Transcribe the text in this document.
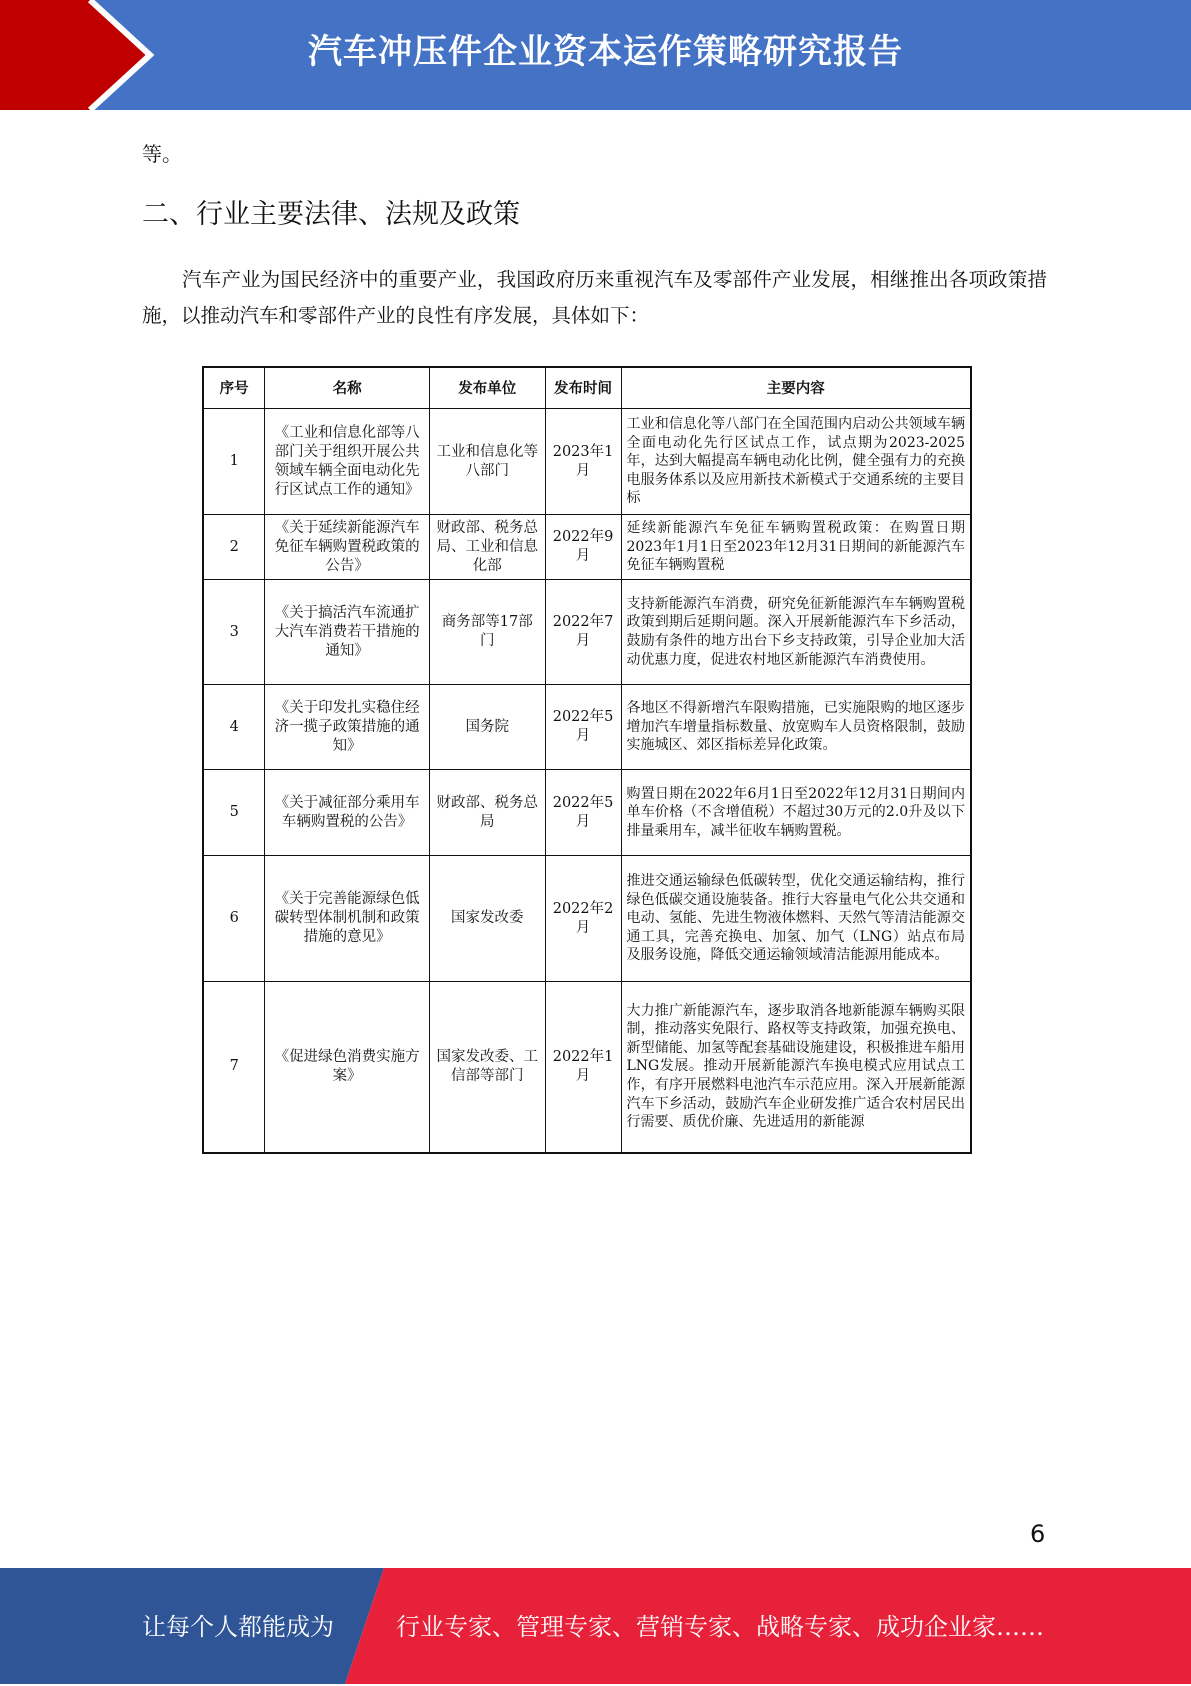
汽车冲压件企业资本运作策略研究报告
等。
二、行业主要法律、法规及政策
汽车产业为国民经济中的重要产业，我国政府历来重视汽车及零部件产业发展，相继推出各项政策措施，以推动汽车和零部件产业的良性有序发展，具体如下：
序号	名称	发布单位	发布时间	主要内容
1	《工业和信息化部等八部门关于组织开展公共领域车辆全面电动化先行区试点工作的通知》	工业和信息化等八部门	2023年1月	工业和信息化等八部门在全国范围内启动公共领域车辆全面电动化先行区试点工作，试点期为2023-2025年，达到大幅提高车辆电动化比例，健全强有力的充换电服务体系以及应用新技术新模式于交通系统的主要目标
2	《关于延续新能源汽车免征车辆购置税政策的公告》	财政部、税务总局、工业和信息化部	2022年9月	延续新能源汽车免征车辆购置税政策：在购置日期2023年1月1日至2023年12月31日期间的新能源汽车免征车辆购置税
3	《关于搞活汽车流通扩大汽车消费若干措施的通知》	商务部等17部门	2022年7月	支持新能源汽车消费，研究免征新能源汽车车辆购置税政策到期后延期问题。深入开展新能源汽车下乡活动，鼓励有条件的地方出台下乡支持政策，引导企业加大活动优惠力度，促进农村地区新能源汽车消费使用。
4	《关于印发扎实稳住经济一揽子政策措施的通知》	国务院	2022年5月	各地区不得新增汽车限购措施，已实施限购的地区逐步增加汽车增量指标数量、放宽购车人员资格限制，鼓励实施城区、郊区指标差异化政策。
5	《关于减征部分乘用车车辆购置税的公告》	财政部、税务总局	2022年5月	购置日期在2022年6月1日至2022年12月31日期间内单车价格（不含增值税）不超过30万元的2.0升及以下排量乘用车，减半征收车辆购置税。
6	《关于完善能源绿色低碳转型体制机制和政策措施的意见》	国家发改委	2022年2月	推进交通运输绿色低碳转型，优化交通运输结构，推行绿色低碳交通设施装备。推行大容量电气化公共交通和电动、氢能、先进生物液体燃料、天然气等清洁能源交通工具，完善充换电、加氢、加气（LNG）站点布局及服务设施，降低交通运输领域清洁能源用能成本。
7	《促进绿色消费实施方案》	国家发改委、工信部等部门	2022年1月	大力推广新能源汽车，逐步取消各地新能源车辆购买限制，推动落实免限行、路权等支持政策，加强充换电、新型储能、加氢等配套基础设施建设，积极推进车船用LNG发展。推动开展新能源汽车换电模式应用试点工作，有序开展燃料电池汽车示范应用。深入开展新能源汽车下乡活动，鼓励汽车企业研发推广适合农村居民出行需要、质优价廉、先进适用的新能源
6
让每个人都能成为	行业专家、管理专家、营销专家、战略专家、成功企业家……
